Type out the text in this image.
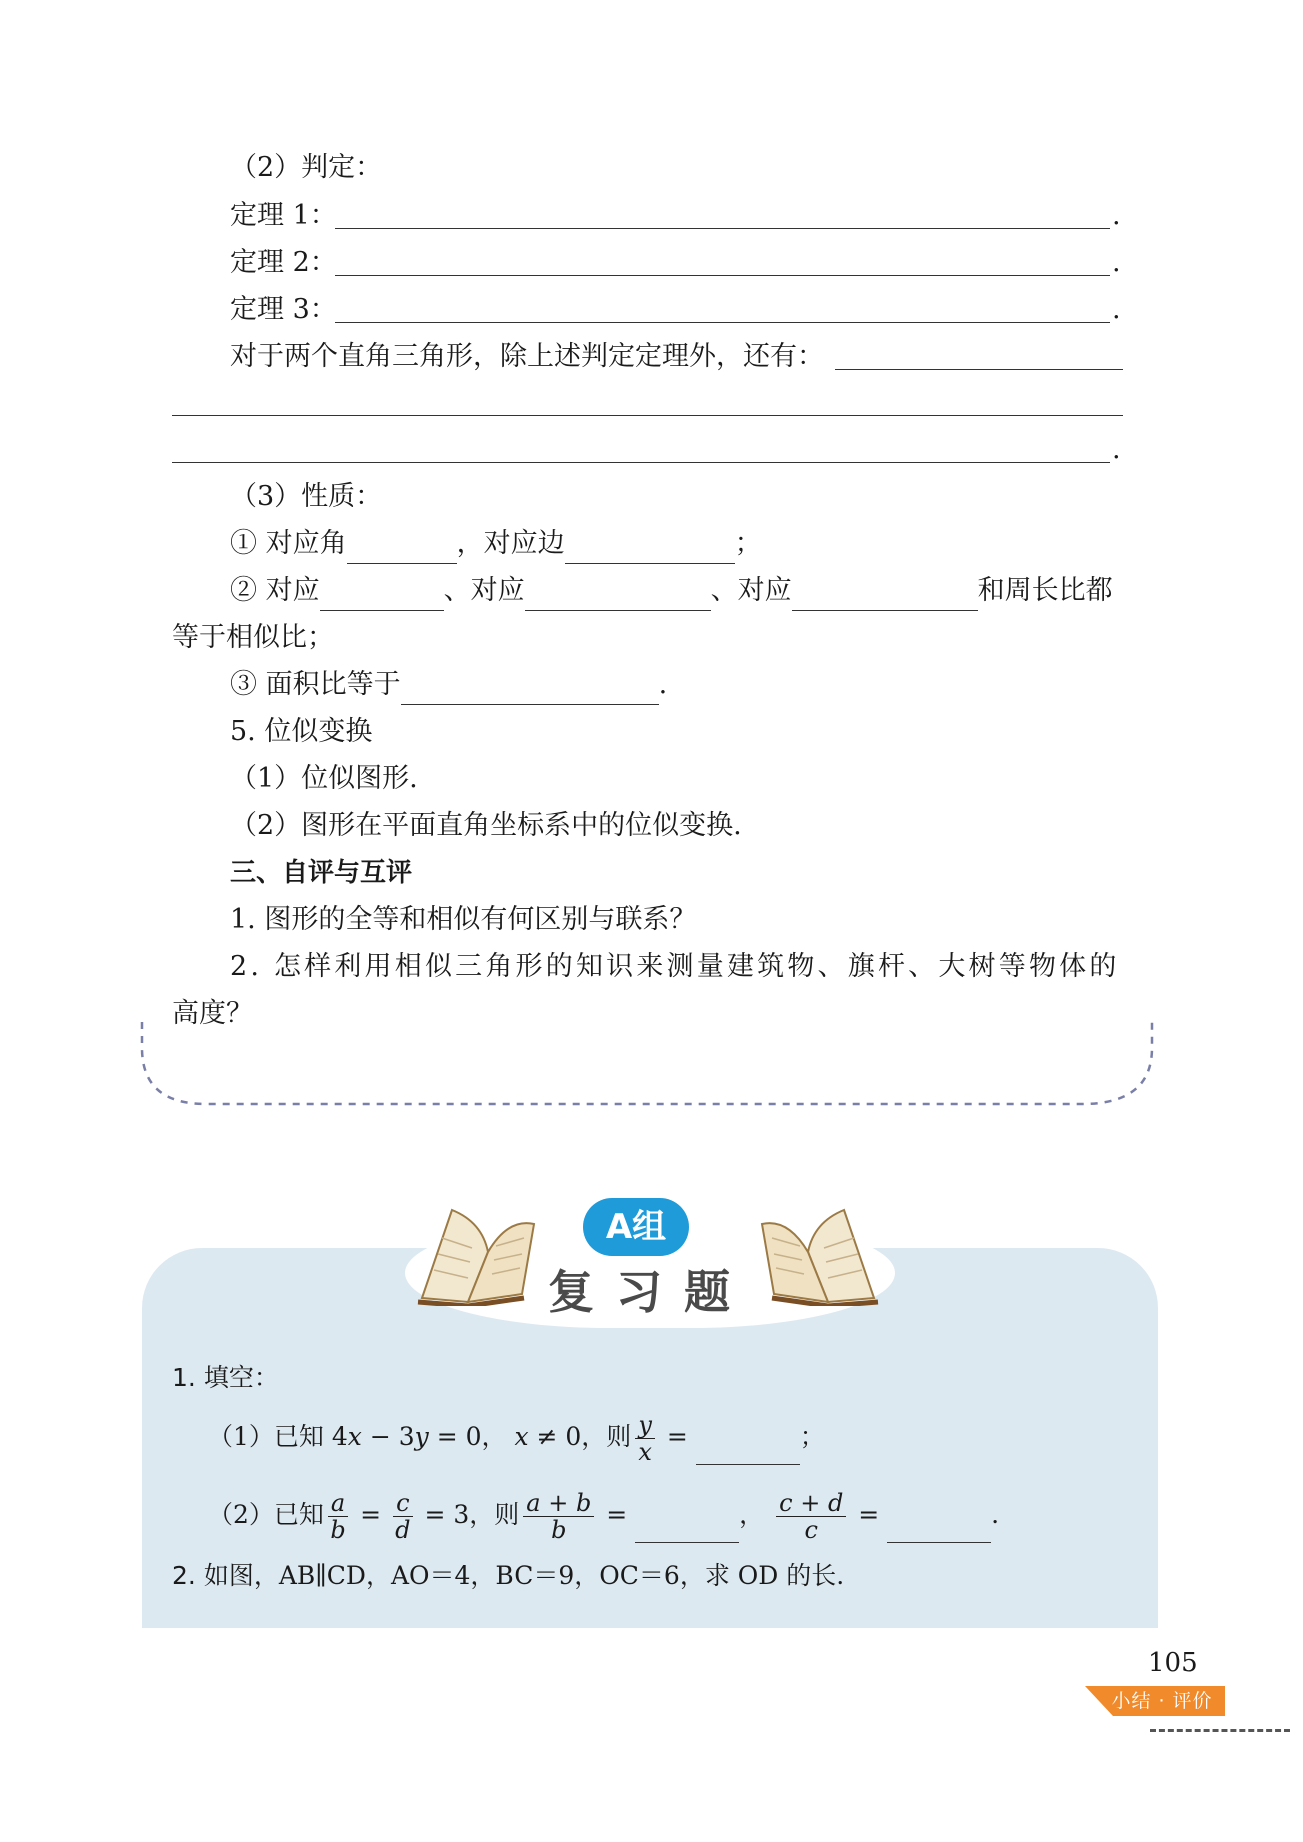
（2）判定：
定理 1：	.
定理 2：	.
定理 3：	.
对于两个直角三角形，除上述判定定理外，还有：
.
（3）性质：
① 对应角	，对应边	；
② 对应	、对应	、对应	和周长比都
等于相似比；
③ 面积比等于	.
5. 位似变换
（1）位似图形.
（2）图形在平面直角坐标系中的位似变换.
三、自评与互评
1. 图形的全等和相似有何区别与联系？
2. 怎样利用相似三角形的知识来测量建筑物、旗杆、大树等物体的
高度？
A组
复习题
1. 填空：
（1）已知 4x − 3y = 0， x ≠ 0，则 $\frac{y}{x}$ =	；
（2）已知 $\frac{a}{b} = \frac{c}{d} = 3$，则 $\frac{a + b}{b}$ =	， $\frac{c + d}{c}$ =	.
2. 如图，AB∥CD，AO＝4，BC＝9，OC＝6，求 OD 的长.
105
小结 · 评价
